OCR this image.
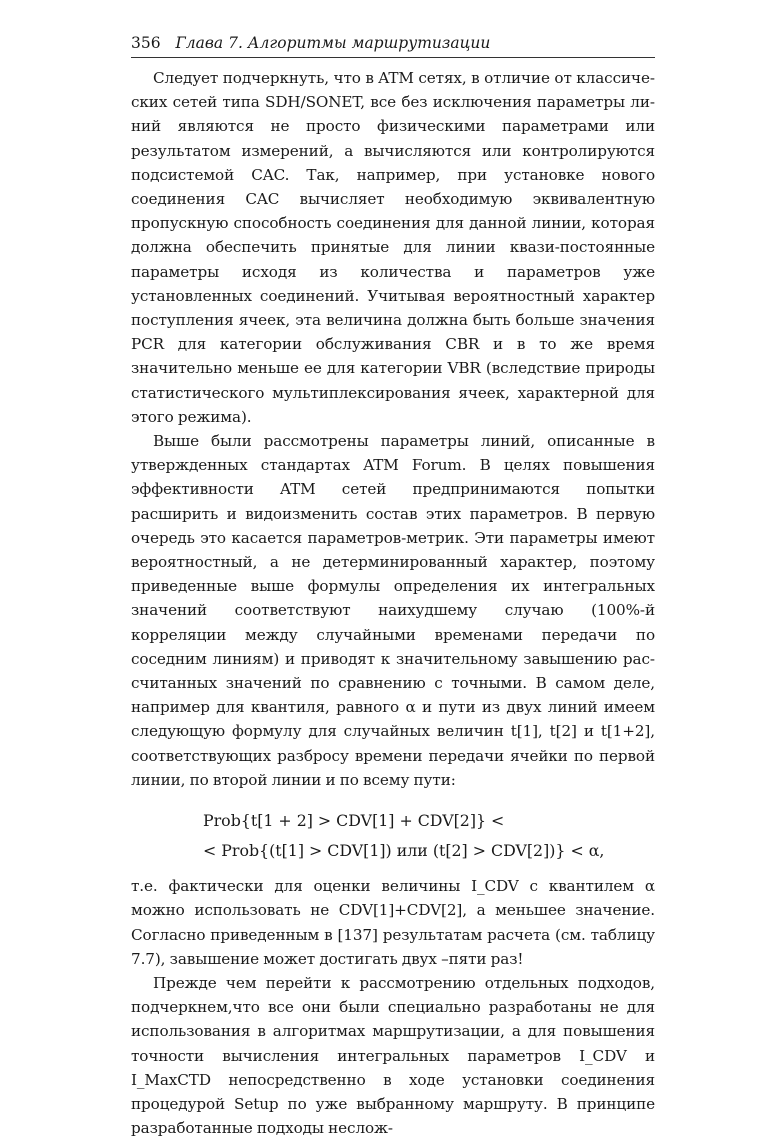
356 Глава 7. Алгоритмы маршрутизации

Следует подчеркнуть, что в ATM сетях, в отличие от классических сетей типа SDH/SONET, все без исключения параметры линий являются не просто физическими параметрами или результатом измерений, а вычисляются или контролируются подсистемой CAC. Так, например, при установке нового соединения CAC вычисляет необходимую эквивалентную пропускную способность соединения для данной линии, которая должна обеспечить принятые для линии квази-постоянные параметры исходя из количества и параметров уже установленных соединений. Учитывая вероятностный характер поступления ячеек, эта величина должна быть больше значения PCR для категории обслуживания CBR и в то же время значительно меньше ее для категории VBR (вследствие природы статистического мультиплексирования ячеек, характерной для этого режима).

Выше были рассмотрены параметры линий, описанные в утвержденных стандартах ATM Forum. В целях повышения эффективности ATM сетей предпринимаются попытки расширить и видоизменить состав этих параметров. В первую очередь это касается параметров-метрик. Эти параметры имеют вероятностный, а не детерминированный характер, поэтому приведенные выше формулы определения их интегральных значений соответствуют наихудшему случаю (100%-й корреляции между случайными временами передачи по соседним линиям) и приводят к значительному завышению рассчитанных значений по сравнению с точными. В самом деле, например для квантиля, равного α и пути из двух линий имеем следующую формулу для случайных величин t[1], t[2] и t[1+2], соответствующих разбросу времени передачи ячейки по первой линии, по второй линии и по всему пути:

Prob{t[1 + 2] > CDV[1] + CDV[2]} <
< Prob{(t[1] > CDV[1]) или (t[2] > CDV[2])} < α,

т.е. фактически для оценки величины I_CDV с квантилем α можно использовать не CDV[1]+CDV[2], а меньшее значение. Согласно приведенным в [137] результатам расчета (см. таблицу 7.7), завышение может достигать двух –пяти раз!

Прежде чем перейти к рассмотрению отдельных подходов, подчеркнем,что все они были специально разработаны не для использования в алгоритмах маршрутизации, а для повышения точности вычисления интегральных параметров I_CDV и I_MaxCTD непосредственно в ходе установки соединения процедурой Setup по уже выбранному маршруту. В принципе разработанные подходы неслож-
